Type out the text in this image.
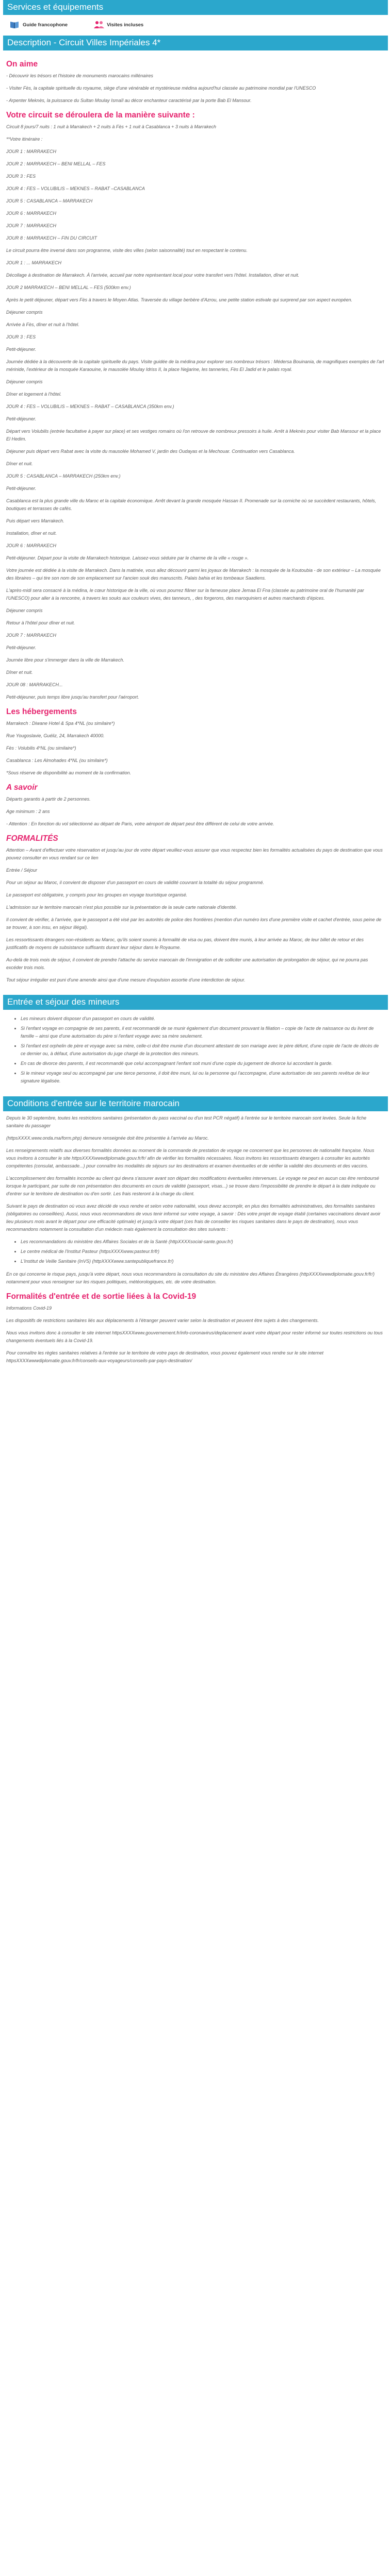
Services et équipements
Guide francophone	Visites incluses
Description - Circuit Villes Impériales 4*
On aime

- Découvrir les trésors et l'histoire de monuments marocains millénaires

- Visiter Fès, la capitale spirituelle du royaume, siège d'une vénérable et mystérieuse médina aujourd'hui classée au patrimoine mondial par l'UNESCO

- Arpenter Meknès, la puissance du Sultan Moulay Ismaïl au décor enchanteur caractérisé par la porte Bab El Mansour.

Votre circuit se déroulera de la manière suivante :

Circuit 8 jours/7 nuits : 1 nuit à Marrakech + 2 nuits à Fès + 1 nuit à Casablanca + 3 nuits à Marrakech

**Votre itinéraire :

JOUR 1 : MARRAKECH

JOUR 2 : MARRAKECH – BENI MELLAL – FES

JOUR 3 : FES

JOUR 4 : FES – VOLUBILIS – MEKNES – RABAT –CASABLANCA

JOUR 5 : CASABLANCA – MARRAKECH

JOUR 6 : MARRAKECH

JOUR 7 : MARRAKECH

JOUR 8 : MARRAKECH – FIN DU CIRCUIT

Le circuit pourra être inversé dans son programme, visite des villes (selon saisonnalité) tout en respectant le contenu.

JOUR 1 : ... MARRAKECH

Décollage à destination de Marrakech. À l'arrivée, accueil par notre représentant local pour votre transfert vers l'hôtel. Installation, dîner et nuit.

JOUR 2 MARRAKECH – BENI MELLAL – FES (500km env.)

Après le petit déjeuner, départ vers Fès à travers le Moyen Atlas. Traversée du village berbère d'Azrou, une petite station estivale qui surprend par son aspect européen.

Déjeuner compris

Arrivée à Fès, dîner et nuit à l'hôtel.

JOUR 3 : FES

Petit-déjeuner.

Journée dédiée à la découverte de la capitale spirituelle du pays. Visite guidée de la médina pour explorer ses nombreux trésors : Médersa Bouinania, de magnifiques exemples de l'art mérinide, l'extérieur de la mosquée Karaouine, le mausolée Moulay Idriss II, la place Nejjarine, les tanneries, Fès El Jadid et le palais royal.

Déjeuner compris

Dîner et logement à l'hôtel.

JOUR 4 : FES – VOLUBILIS – MEKNES – RABAT – CASABLANCA (350km env.)

Petit-déjeuner.

Départ vers Volubilis (entrée facultative à payer sur place) et ses vestiges romains où l'on retrouve de nombreux pressoirs à huile. Arrêt à Meknès pour visiter Bab Mansour et la place El Hedim.

Déjeuner puis départ vers Rabat avec la visite du mausolée Mohamed V, jardin des Oudayas et la Mechouar. Continuation vers Casablanca.

Dîner et nuit.

JOUR 5 : CASABLANCA – MARRAKECH (250km env.)

Petit-déjeuner.

Casablanca est la plus grande ville du Maroc et la capitale économique. Arrêt devant la grande mosquée Hassan II. Promenade sur la corniche où se succèdent restaurants, hôtels, boutiques et terrasses de cafés.

Puis départ vers Marrakech.

Installation, dîner et nuit.

JOUR 6 : MARRAKECH

Petit-déjeuner. Départ pour la visite de Marrakech historique. Laissez-vous séduire par le charme de la ville « rouge ».

Votre journée est dédiée à la visite de Marrakech. Dans la matinée, vous allez découvrir parmi les joyaux de Marrakech : la mosquée de la Koutoubia - de son extérieur – La mosquée des libraires – qui tire son nom de son emplacement sur l'ancien souk des manuscrits. Palais bahia et les tombeaux Saadiens.

L'après-midi sera consacré à la médina, le cœur historique de la ville, où vous pourrez flâner sur la fameuse place Jemaa El Fna (classée au patrimoine oral de l'humanité par l'UNESCO) pour aller à la rencontre, à travers les souks aux couleurs vives, des tanneurs, , des forgerons, des maroquiniers et autres marchands d'épices.

Déjeuner compris

Retour à l'hôtel pour dîner et nuit.

JOUR 7 : MARRAKECH

Petit-déjeuner.

Journée libre pour s'immerger dans la ville de Marrakech.

Dîner et nuit.

JOUR 08 : MARRAKECH...

Petit-déjeuner, puis temps libre jusqu'au transfert pour l'aéroport.

Les hébergements

Marrakech : Diwane Hotel & Spa 4*NL (ou similaire*)

Rue Yougoslavie, Guéliz, 24, Marrakech 40000.

Fès : Volubilis 4*NL (ou similaire*)

Casablanca : Les Almohades 4*NL (ou similaire*)

*Sous réserve de disponibilité au moment de la confirmation.

A savoir

Départs garantis à partir de 2 personnes.

Age minimum : 2 ans

- Attention : En fonction du vol sélectionné au départ de Paris, votre aéroport de départ peut être différent de celui de votre arrivée.

FORMALITÉS

Attention – Avant d'effectuer votre réservation et jusqu'au jour de votre départ veuillez-vous assurer que vous respectez bien les formalités actualisées du pays de destination que vous pouvez consulter en vous rendant sur ce lien

Entrée / Séjour

Pour un séjour au Maroc, il convient de disposer d'un passeport en cours de validité couvrant la totalité du séjour programmé.

Le passeport est obligatoire, y compris pour les groupes en voyage touristique organisé.

L'admission sur le territoire marocain n'est plus possible sur la présentation de la seule carte nationale d'identité.

Il convient de vérifier, à l'arrivée, que le passeport a été visé par les autorités de police des frontières (mention d'un numéro lors d'une première visite et cachet d'entrée, sous peine de se trouver, à son insu, en séjour illégal).

Les ressortissants étrangers non-résidents au Maroc, qu'ils soient soumis à formalité de visa ou pas, doivent être munis, à leur arrivée au Maroc, de leur billet de retour et des justificatifs de moyens de subsistance suffisants durant leur séjour dans le Royaume.

Au-delà de trois mois de séjour, il convient de prendre l'attache du service marocain de l'immigration et de solliciter une autorisation de prolongation de séjour, qui ne pourra pas excéder trois mois.

Tout séjour irrégulier est puni d'une amende ainsi que d'une mesure d'expulsion assortie d'une interdiction de séjour.

Entrée et séjour des mineurs
• Les mineurs doivent disposer d'un passeport en cours de validité.
• Si l'enfant voyage en compagnie de ses parents, il est recommandé de se munir également d'un document prouvant la filiation – copie de l'acte de naissance ou du livret de famille – ainsi que d'une autorisation du père si l'enfant voyage avec sa mère seulement.
• Si l'enfant est orphelin de père et voyage avec sa mère, celle-ci doit être munie d'un document attestant de son mariage avec le père défunt, d'une copie de l'acte de décès de ce dernier ou, à défaut, d'une autorisation du juge chargé de la protection des mineurs.
• En cas de divorce des parents, il est recommandé que celui accompagnant l'enfant soit muni d'une copie du jugement de divorce lui accordant la garde.
• Si le mineur voyage seul ou accompagné par une tierce personne, il doit être muni, lui ou la personne qui l'accompagne, d'une autorisation de ses parents revêtue de leur signature légalisée.
Conditions d'entrée sur le territoire marocain

Depuis le 30 septembre, toutes les restrictions sanitaires (présentation du pass vaccinal ou d'un test PCR négatif) à l'entrée sur le territoire marocain sont levées. Seule la fiche sanitaire du passager

(httpsXXXX.www.onda.ma/form.php) demeure renseignée doit être présentée à l'arrivée au Maroc.

Les renseignements relatifs aux diverses formalités données au moment de la commande de prestation de voyage ne concernent que les personnes de nationalité française. Nous vous invitons à consulter le site httpsXXXXwwwdiplomatie.gouv.fr/fr/ afin de vérifier les formalités nécessaires. Nous invitons les ressortissants étrangers à consulter les autorités compétentes (consulat, ambassade...) pour connaître les modalités de séjours sur les destinations et examen éventuelles et de vérifier la validité des documents et des vaccins.

L'accomplissement des formalités incombe au client qui devra s'assurer avant son départ des modifications éventuelles intervenues. Le voyage ne peut en aucun cas être remboursé lorsque le participant, par suite de non présentation des documents en cours de validité (passeport, visas...) se trouve dans l'impossibilité de prendre le départ à la date indiquée ou d'entrer sur le territoire de destination ou d'en sortir. Les frais resteront à la charge du client.

Suivant le pays de destination où vous avez décidé de vous rendre et selon votre nationalité, vous devez accomplir, en plus des formalités administratives, des formalités sanitaires (obligatoires ou conseillées). Aussi, nous vous recommandons de vous tenir informé sur votre voyage, à savoir : Dès votre projet de voyage établi (certaines vaccinations devant avoir lieu plusieurs mois avant le départ pour une efficacité optimale) et jusqu'à votre départ (ces frais de conseiller les risques sanitaires dans le pays de destination), nous vous recommandons notamment la consultation d'un médecin mais également la consultation des sites suivants :

• Les recommandations du ministère des Affaires Sociales et de la Santé (httpXXXXsocial-sante.gouv.fr/)
• Le centre médical de l'Institut Pasteur (httpsXXXXwww.pasteur.fr/fr)
• L'Institut de Veille Sanitaire (InVS) (httpXXXXwww.santepubliquefrance.fr/)

En ce qui concerne le risque pays, jusqu'à votre départ, nous vous recommandons la consultation du site du ministère des Affaires Étrangères (httpXXXXwwwdiplomatie.gouv.fr/fr/) notamment pour vous renseigner sur les risques politiques, météorologiques, etc. de votre destination.

Formalités d'entrée et de sortie liées à la Covid-19

Informations Covid-19

Les dispositifs de restrictions sanitaires liés aux déplacements à l'étranger peuvent varier selon la destination et peuvent être sujets à des changements.

Nous vous invitons donc à consulter le site internet httpsXXXXwww.gouvernement.fr/info-coronavirus/deplacement avant votre départ pour rester informé sur toutes restrictions ou tous changements éventuels liés à la Covid-19.

Pour connaître les règles sanitaires relatives à l'entrée sur le territoire de votre pays de destination, vous pouvez également vous rendre sur le site internet httpsXXXXwwwdiplomatie.gouv.fr/fr/conseils-aux-voyageurs/conseils-par-pays-destination/
